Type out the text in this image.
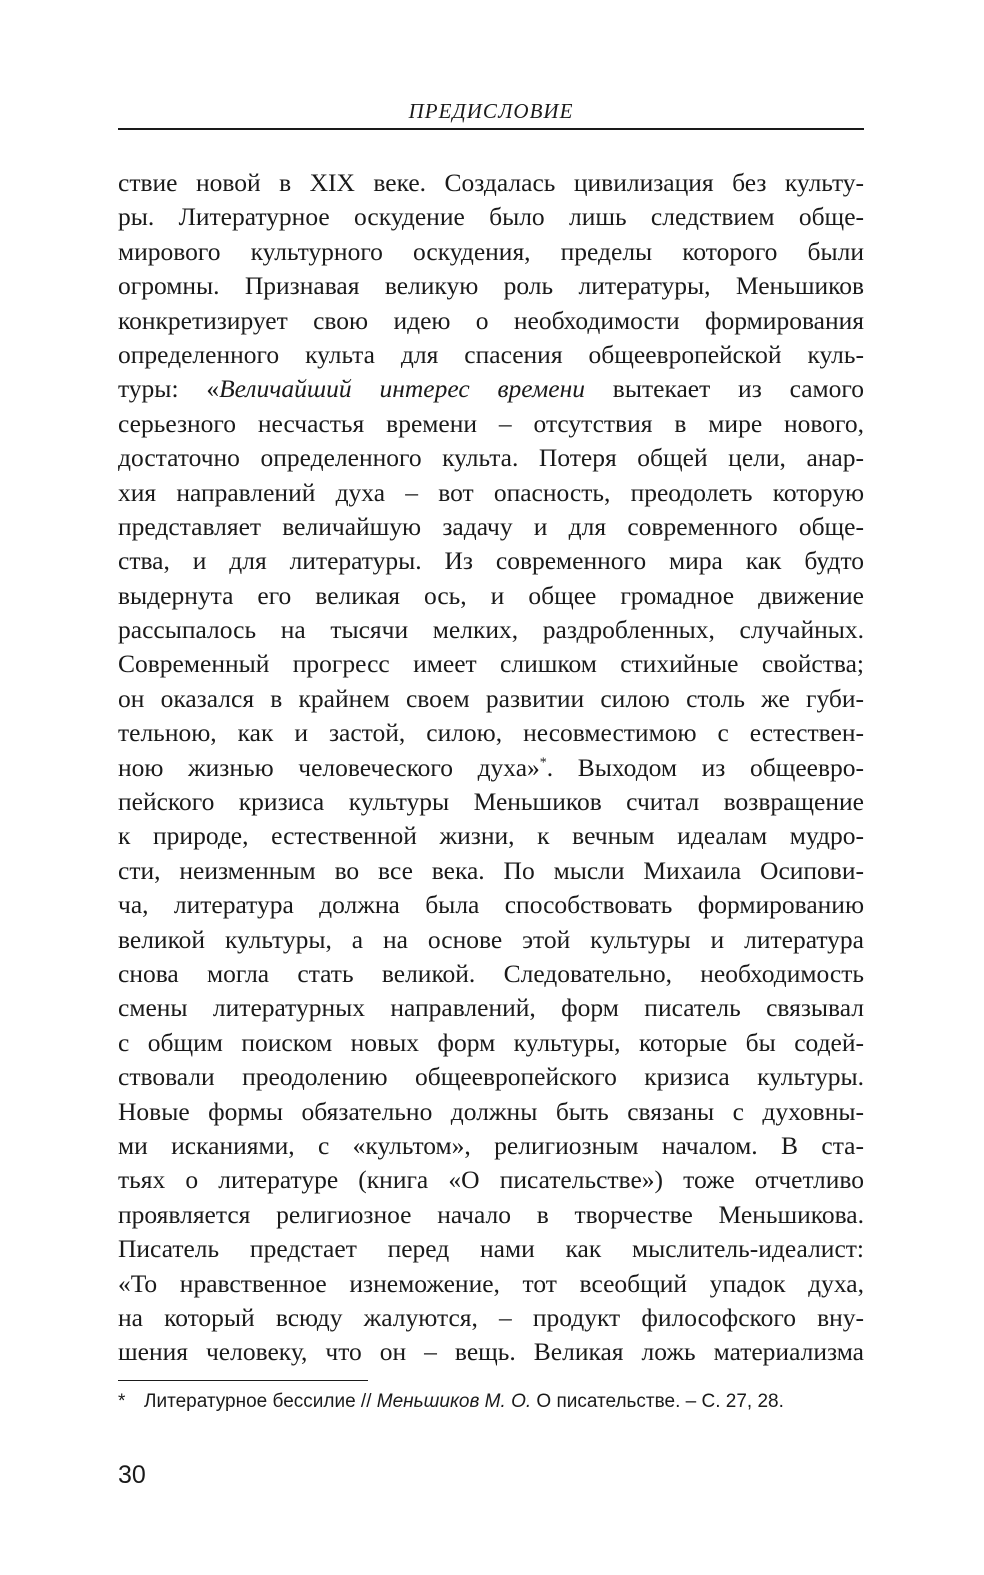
ПРЕДИСЛОВИЕ
ствие новой в XIX веке. Создалась цивилизация без культу-
ры. Литературное оскудение было лишь следствием обще-
мирового культурного оскудения, пределы которого были
огромны. Признавая великую роль литературы, Меньшиков
конкретизирует свою идею о необходимости формирования
определенного культа для спасения общеевропейской куль-
туры: «Величайший интерес времени вытекает из самого
серьезного несчастья времени – отсутствия в мире нового,
достаточно определенного культа. Потеря общей цели, анар-
хия направлений духа – вот опасность, преодолеть которую
представляет величайшую задачу и для современного обще-
ства, и для литературы. Из современного мира как будто
выдернута его великая ось, и общее громадное движение
рассыпалось на тысячи мелких, раздробленных, случайных.
Современный прогресс имеет слишком стихийные свойства;
он оказался в крайнем своем развитии силою столь же губи-
тельною, как и застой, силою, несовместимою с естествен-
ною жизнью человеческого духа»*. Выходом из общеевро-
пейского кризиса культуры Меньшиков считал возвращение
к природе, естественной жизни, к вечным идеалам мудро-
сти, неизменным во все века. По мысли Михаила Осипови-
ча, литература должна была способствовать формированию
великой культуры, а на основе этой культуры и литература
снова могла стать великой. Следовательно, необходимость
смены литературных направлений, форм писатель связывал
с общим поиском новых форм культуры, которые бы содей-
ствовали преодолению общеевропейского кризиса культуры.
Новые формы обязательно должны быть связаны с духовны-
ми исканиями, с «культом», религиозным началом. В ста-
тьях о литературе (книга «О писательстве») тоже отчетливо
проявляется религиозное начало в творчестве Меньшикова.
Писатель предстает перед нами как мыслитель-идеалист:
«То нравственное изнеможение, тот всеобщий упадок духа,
на который всюду жалуются, – продукт философского вну-
шения человеку, что он – вещь. Великая ложь материализма
* Литературное бессилие // Меньшиков М. О. О писательстве. – С. 27, 28.
30
